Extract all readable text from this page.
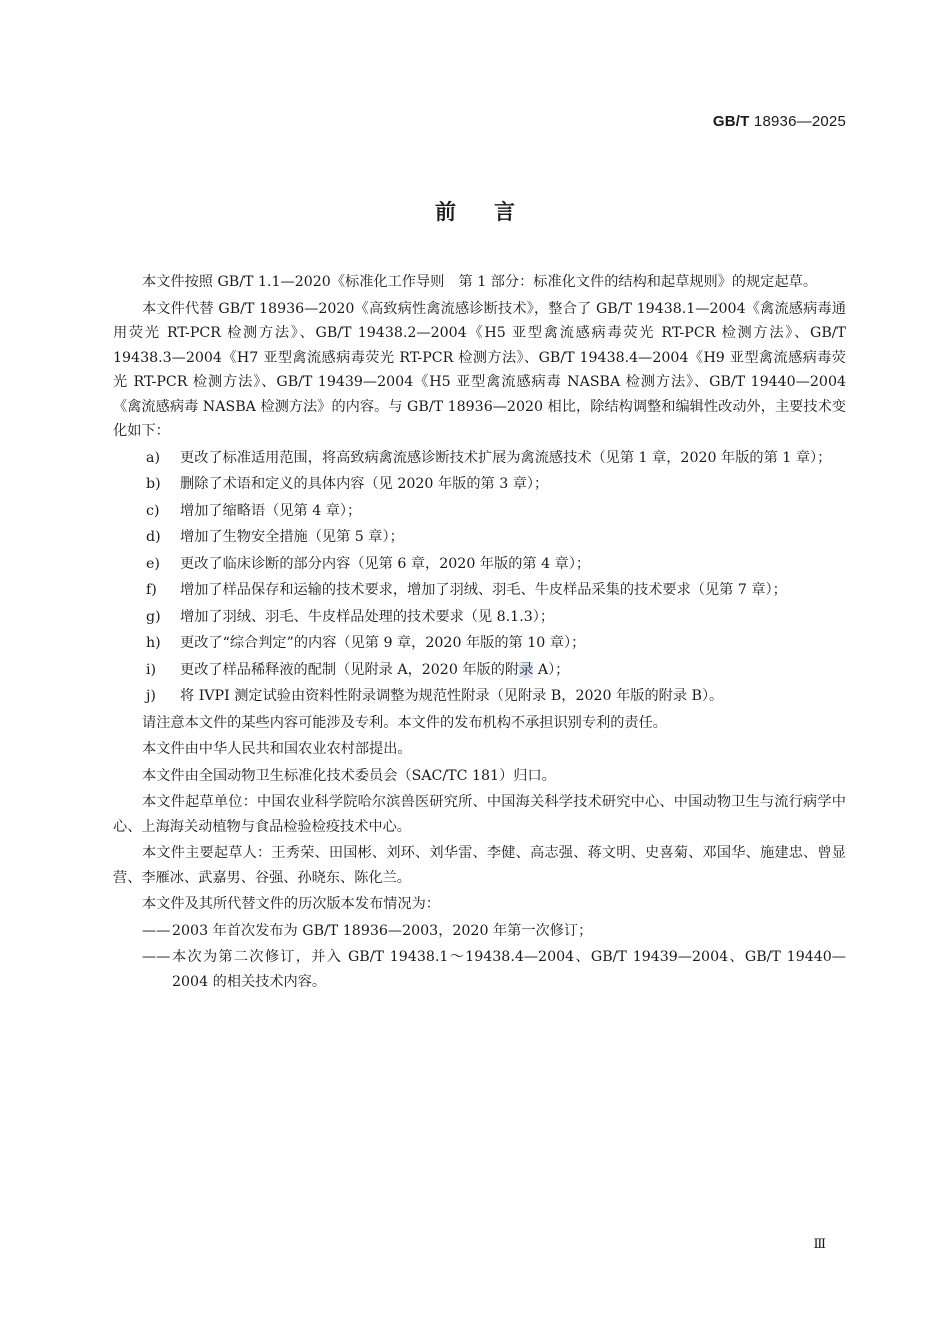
GB/T 18936—2025
前言

本文件按照 GB/T 1.1—2020《标准化工作导则　第 1 部分：标准化文件的结构和起草规则》的规定起草。

本文件代替 GB/T 18936—2020《高致病性禽流感诊断技术》，整合了 GB/T 19438.1—2004《禽流感病毒通用荧光 RT-PCR 检测方法》、GB/T 19438.2—2004《H5 亚型禽流感病毒荧光 RT-PCR 检测方法》、GB/T 19438.3—2004《H7 亚型禽流感病毒荧光 RT-PCR 检测方法》、GB/T 19438.4—2004《H9 亚型禽流感病毒荧光 RT-PCR 检测方法》、GB/T 19439—2004《H5 亚型禽流感病毒 NASBA 检测方法》、GB/T 19440—2004《禽流感病毒 NASBA 检测方法》的内容。与 GB/T 18936—2020 相比，除结构调整和编辑性改动外，主要技术变化如下：

a) 更改了标准适用范围，将高致病禽流感诊断技术扩展为禽流感技术（见第 1 章，2020 年版的第 1 章）；
b) 删除了术语和定义的具体内容（见 2020 年版的第 3 章）；
c) 增加了缩略语（见第 4 章）；
d) 增加了生物安全措施（见第 5 章）；
e) 更改了临床诊断的部分内容（见第 6 章，2020 年版的第 4 章）；
f) 增加了样品保存和运输的技术要求，增加了羽绒、羽毛、牛皮样品采集的技术要求（见第 7 章）；
g) 增加了羽绒、羽毛、牛皮样品处理的技术要求（见 8.1.3）；
h) 更改了“综合判定”的内容（见第 9 章，2020 年版的第 10 章）；
i) 更改了样品稀释液的配制（见附录 A，2020 年版的附录 A）；
j) 将 IVPI 测定试验由资料性附录调整为规范性附录（见附录 B，2020 年版的附录 B）。

请注意本文件的某些内容可能涉及专利。本文件的发布机构不承担识别专利的责任。

本文件由中华人民共和国农业农村部提出。

本文件由全国动物卫生标准化技术委员会（SAC/TC 181）归口。

本文件起草单位：中国农业科学院哈尔滨兽医研究所、中国海关科学技术研究中心、中国动物卫生与流行病学中心、上海海关动植物与食品检验检疫技术中心。

本文件主要起草人：王秀荣、田国彬、刘环、刘华雷、李健、高志强、蒋文明、史喜菊、邓国华、施建忠、曾显营、李雁冰、武嘉男、谷强、孙晓东、陈化兰。

本文件及其所代替文件的历次版本发布情况为：

—— 2003 年首次发布为 GB/T 18936—2003，2020 年第一次修订；
—— 本次为第二次修订，并入 GB/T 19438.1～19438.4—2004、GB/T 19439—2004、GB/T 19440—2004 的相关技术内容。
Ⅲ
